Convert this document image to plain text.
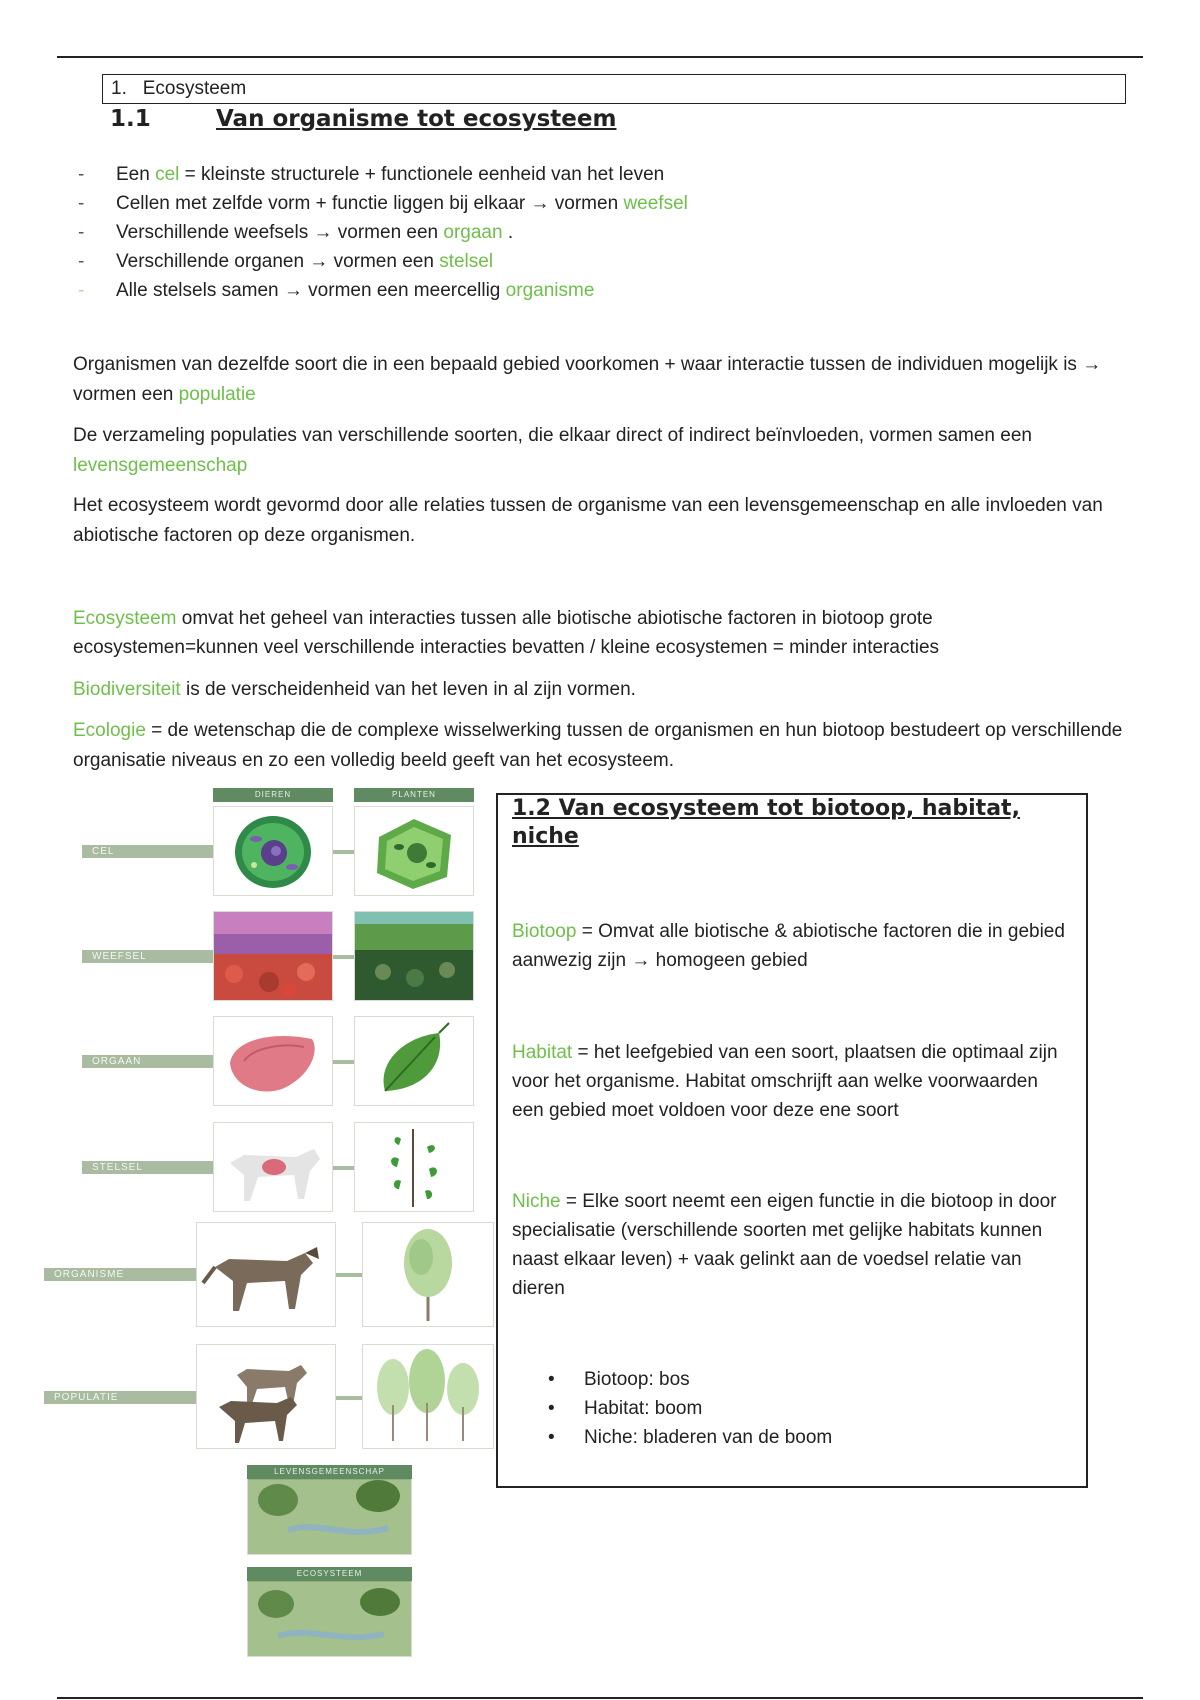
1. Ecosysteem
1.1	Van organisme tot ecosysteem
- Een cel = kleinste structurele + functionele eenheid van het leven
- Cellen met zelfde vorm + functie liggen bij elkaar → vormen weefsel
- Verschillende weefsels → vormen een orgaan .
- Verschillende organen → vormen een stelsel
- Alle stelsels samen → vormen een meercellig organisme

Organismen van dezelfde soort die in een bepaald gebied voorkomen + waar interactie tussen de individuen mogelijk is → vormen een populatie

De verzameling populaties van verschillende soorten, die elkaar direct of indirect beïnvloeden, vormen samen een levensgemeenschap

Het ecosysteem wordt gevormd door alle relaties tussen de organisme van een levensgemeenschap en alle invloeden van abiotische factoren op deze organismen.

Ecosysteem omvat het geheel van interacties tussen alle biotische abiotische factoren in biotoop grote ecosystemen=kunnen veel verschillende interacties bevatten / kleine ecosystemen = minder interacties

Biodiversiteit is de verscheidenheid van het leven in al zijn vormen.

Ecologie = de wetenschap die de complexe wisselwerking tussen de organismen en hun biotoop bestudeert op verschillende organisatie niveaus en zo een volledig beeld geeft van het ecosysteem.

DIEREN	PLANTEN
CEL
WEEFSEL
ORGAAN
STELSEL
ORGANISME
POPULATIE
LEVENSGEMEENSCHAP
ECOSYSTEEM
1.2 Van ecosysteem tot biotoop, habitat, niche

Biotoop = Omvat alle biotische & abiotische factoren die in gebied aanwezig zijn → homogeen gebied

Habitat = het leefgebied van een soort, plaatsen die optimaal zijn voor het organisme. Habitat omschrijft aan welke voorwaarden een gebied moet voldoen voor deze ene soort

Niche = Elke soort neemt een eigen functie in die biotoop in door specialisatie (verschillende soorten met gelijke habitats kunnen naast elkaar leven) + vaak gelinkt aan de voedsel relatie van dieren

• Biotoop: bos
• Habitat: boom
• Niche: bladeren van de boom
